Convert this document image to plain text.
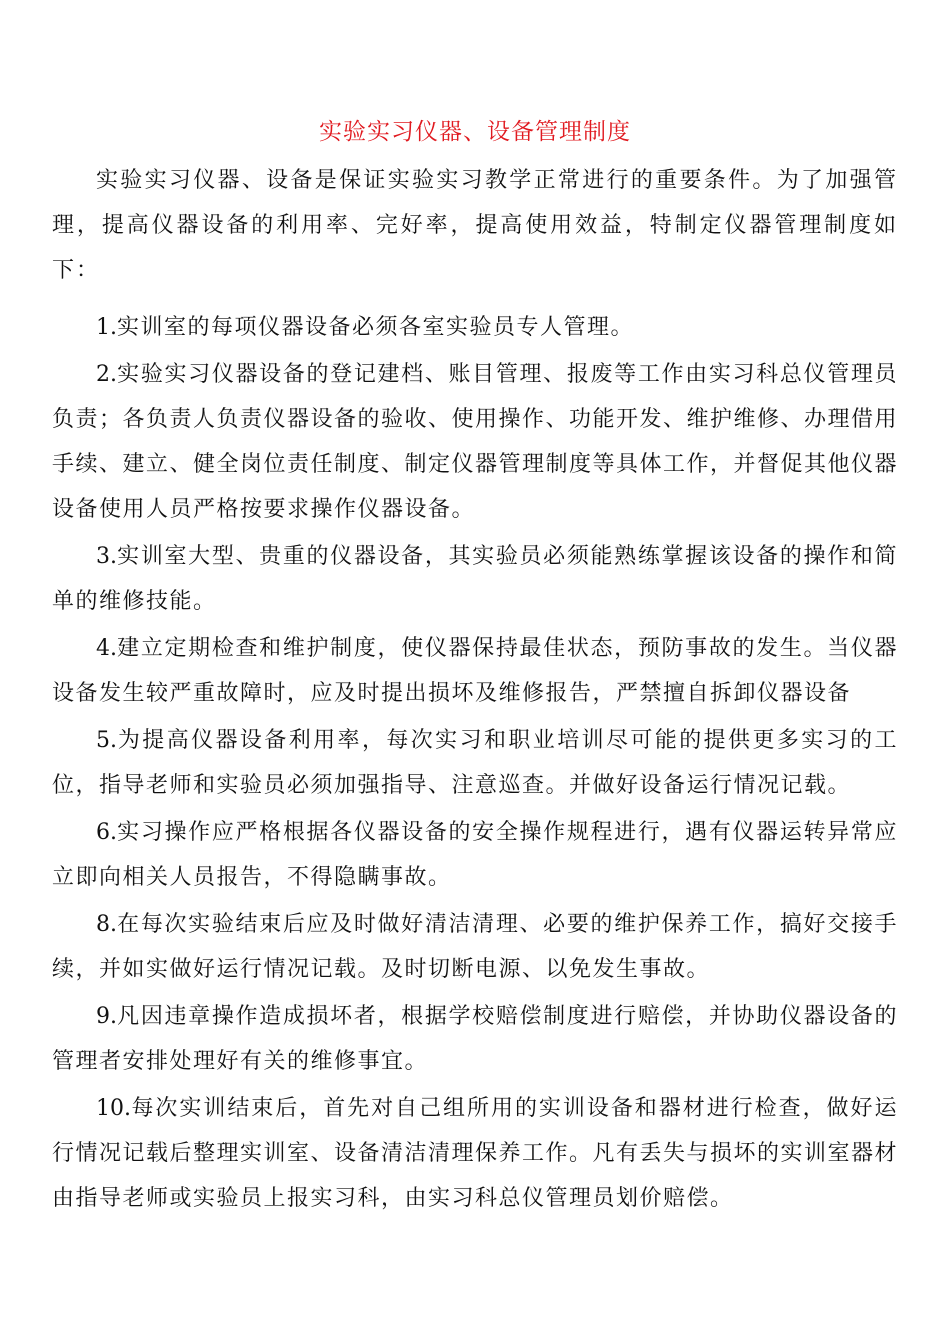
实验实习仪器、设备管理制度

实验实习仪器、设备是保证实验实习教学正常进行的重要条件。为了加强管理，提高仪器设备的利用率、完好率，提高使用效益，特制定仪器管理制度如下：

1.实训室的每项仪器设备必须各室实验员专人管理。

2.实验实习仪器设备的登记建档、账目管理、报废等工作由实习科总仪管理员负责；各负责人负责仪器设备的验收、使用操作、功能开发、维护维修、办理借用手续、建立、健全岗位责任制度、制定仪器管理制度等具体工作，并督促其他仪器设备使用人员严格按要求操作仪器设备。

3.实训室大型、贵重的仪器设备，其实验员必须能熟练掌握该设备的操作和简单的维修技能。

4.建立定期检查和维护制度，使仪器保持最佳状态，预防事故的发生。当仪器设备发生较严重故障时，应及时提出损坏及维修报告，严禁擅自拆卸仪器设备

5.为提高仪器设备利用率，每次实习和职业培训尽可能的提供更多实习的工位，指导老师和实验员必须加强指导、注意巡查。并做好设备运行情况记载。

6.实习操作应严格根据各仪器设备的安全操作规程进行，遇有仪器运转异常应立即向相关人员报告，不得隐瞒事故。

8.在每次实验结束后应及时做好清洁清理、必要的维护保养工作，搞好交接手续，并如实做好运行情况记载。及时切断电源、以免发生事故。

9.凡因违章操作造成损坏者，根据学校赔偿制度进行赔偿，并协助仪器设备的管理者安排处理好有关的维修事宜。

10.每次实训结束后，首先对自己组所用的实训设备和器材进行检查，做好运行情况记载后整理实训室、设备清洁清理保养工作。凡有丢失与损坏的实训室器材由指导老师或实验员上报实习科，由实习科总仪管理员划价赔偿。
